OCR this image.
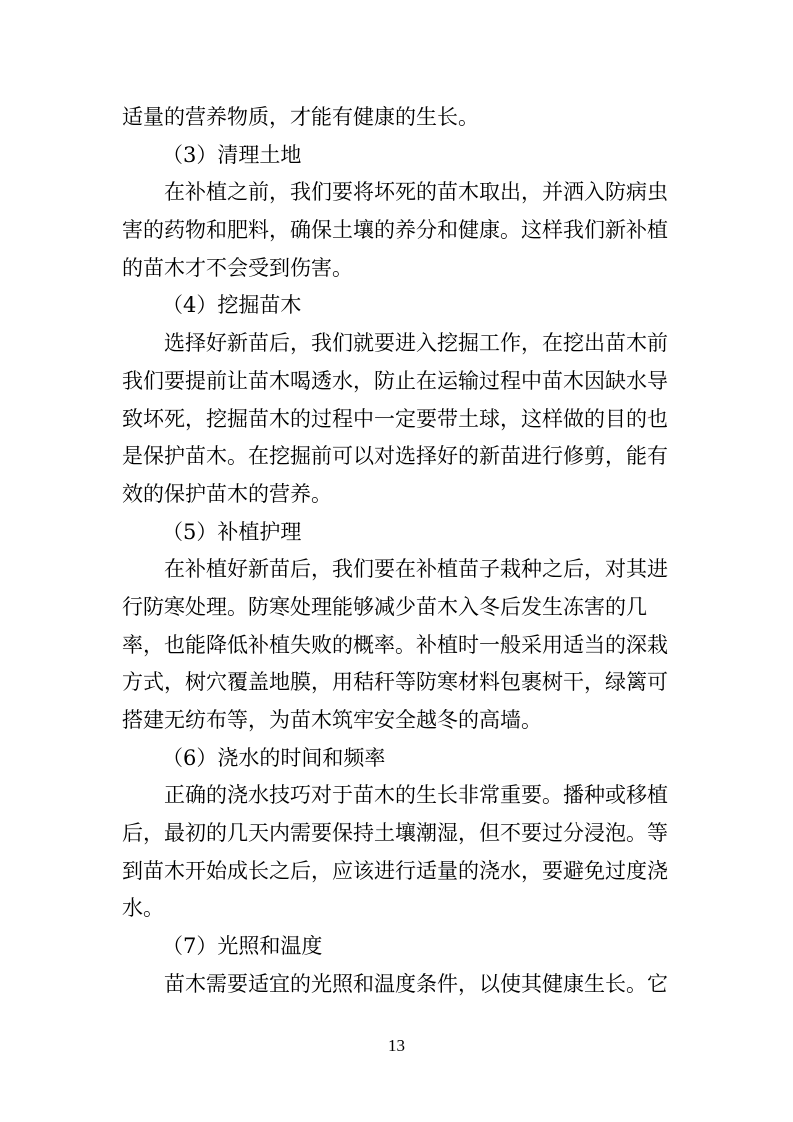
适量的营养物质，才能有健康的生长。
（3）清理土地
在补植之前，我们要将坏死的苗木取出，并洒入防病虫
害的药物和肥料，确保土壤的养分和健康。这样我们新补植
的苗木才不会受到伤害。
（4）挖掘苗木
选择好新苗后，我们就要进入挖掘工作，在挖出苗木前
我们要提前让苗木喝透水，防止在运输过程中苗木因缺水导
致坏死，挖掘苗木的过程中一定要带土球，这样做的目的也
是保护苗木。在挖掘前可以对选择好的新苗进行修剪，能有
效的保护苗木的营养。
（5）补植护理
在补植好新苗后，我们要在补植苗子栽种之后，对其进
行防寒处理。防寒处理能够减少苗木入冬后发生冻害的几
率，也能降低补植失败的概率。补植时一般采用适当的深栽
方式，树穴覆盖地膜，用秸秆等防寒材料包裹树干，绿篱可
搭建无纺布等，为苗木筑牢安全越冬的高墙。
（6）浇水的时间和频率
正确的浇水技巧对于苗木的生长非常重要。播种或移植
后，最初的几天内需要保持土壤潮湿，但不要过分浸泡。等
到苗木开始成长之后，应该进行适量的浇水，要避免过度浇
水。
（7）光照和温度
苗木需要适宜的光照和温度条件，以使其健康生长。它
13
